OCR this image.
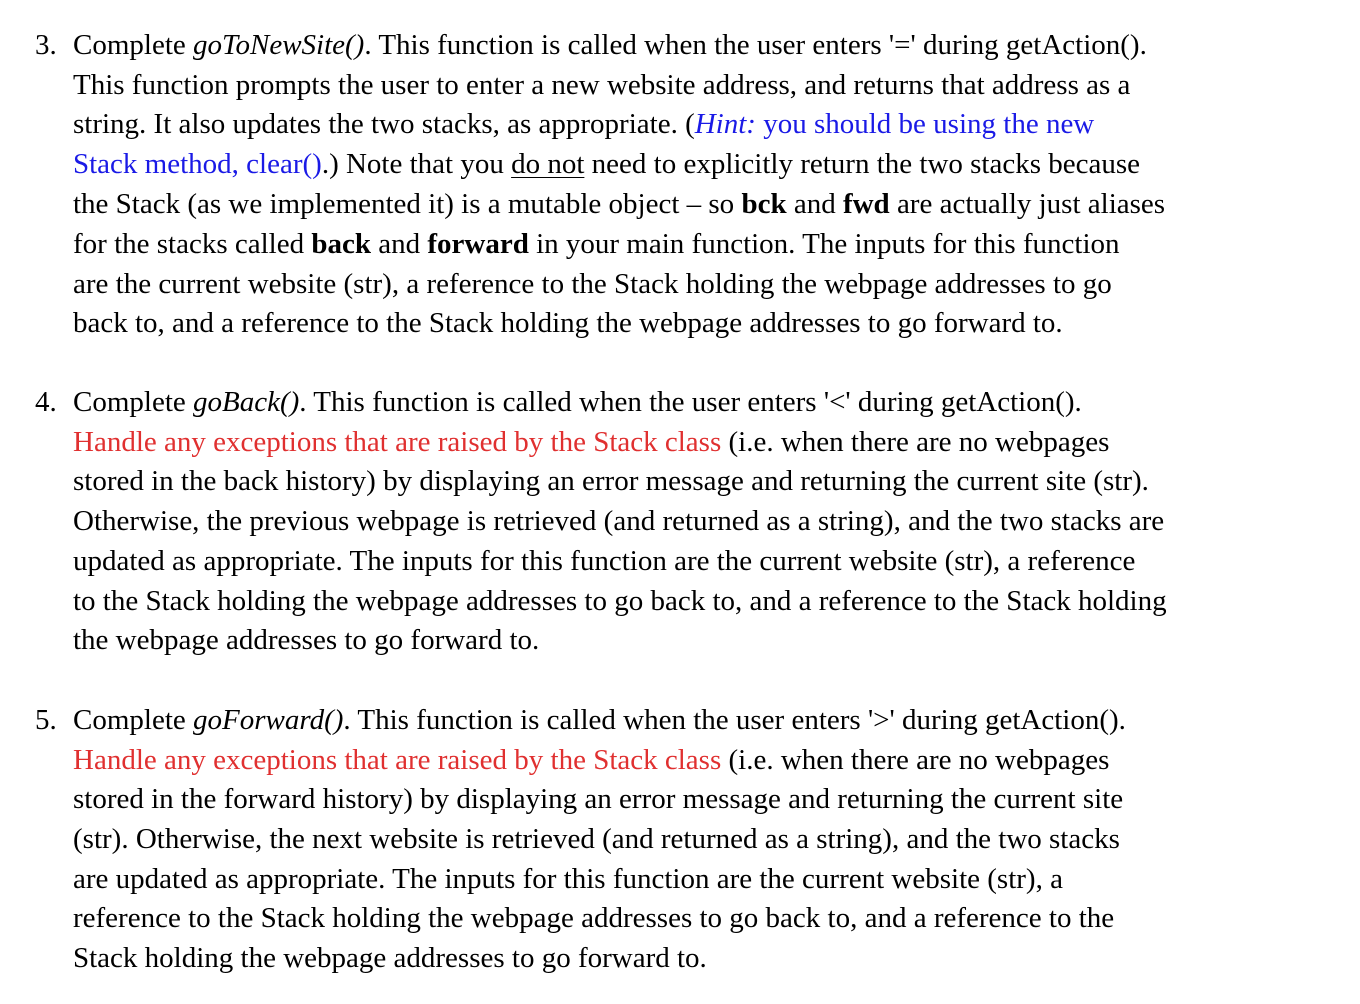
3. Complete goToNewSite(). This function is called when the user enters '=' during getAction().
This function prompts the user to enter a new website address, and returns that address as a
string. It also updates the two stacks, as appropriate. (Hint: you should be using the new
Stack method, clear().) Note that you do not need to explicitly return the two stacks because
the Stack (as we implemented it) is a mutable object – so bck and fwd are actually just aliases
for the stacks called back and forward in your main function. The inputs for this function
are the current website (str), a reference to the Stack holding the webpage addresses to go
back to, and a reference to the Stack holding the webpage addresses to go forward to.
4. Complete goBack(). This function is called when the user enters '<' during getAction().
Handle any exceptions that are raised by the Stack class (i.e. when there are no webpages
stored in the back history) by displaying an error message and returning the current site (str).
Otherwise, the previous webpage is retrieved (and returned as a string), and the two stacks are
updated as appropriate. The inputs for this function are the current website (str), a reference
to the Stack holding the webpage addresses to go back to, and a reference to the Stack holding
the webpage addresses to go forward to.
5. Complete goForward(). This function is called when the user enters '>' during getAction().
Handle any exceptions that are raised by the Stack class (i.e. when there are no webpages
stored in the forward history) by displaying an error message and returning the current site
(str). Otherwise, the next website is retrieved (and returned as a string), and the two stacks
are updated as appropriate. The inputs for this function are the current website (str), a
reference to the Stack holding the webpage addresses to go back to, and a reference to the
Stack holding the webpage addresses to go forward to.
